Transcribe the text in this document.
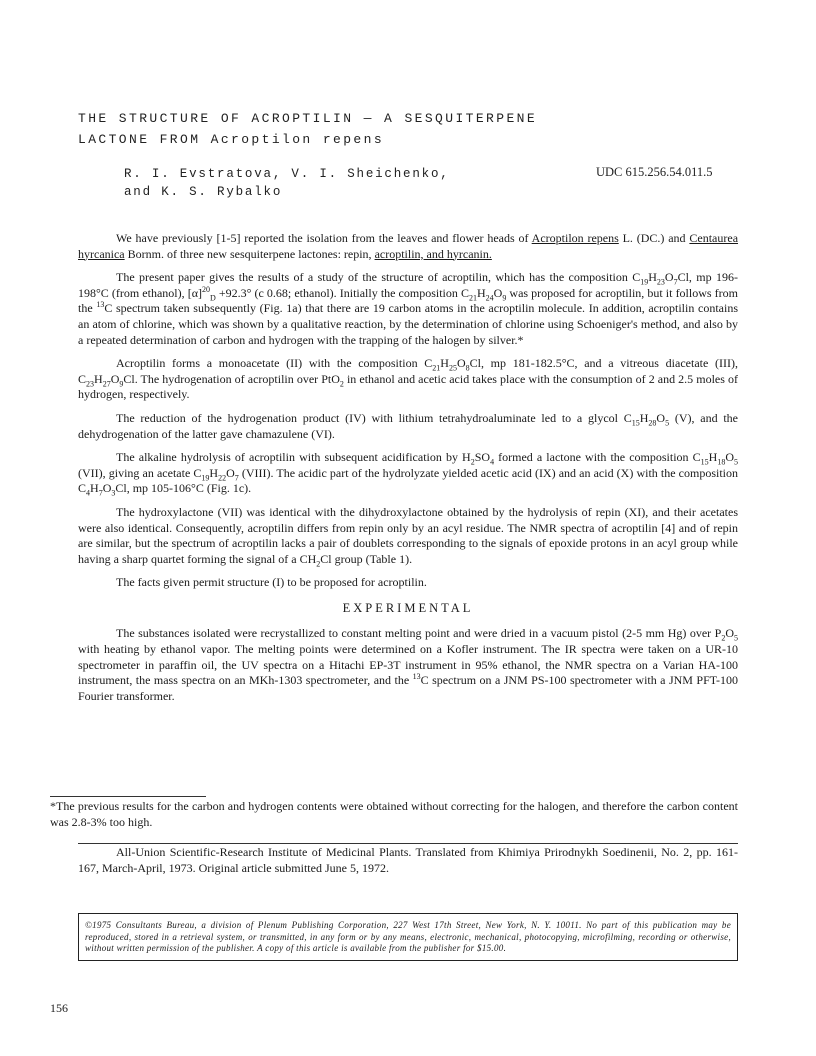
THE STRUCTURE OF ACROPTILIN — A SESQUITERPENE
LACTONE FROM Acroptilon repens
R. I. Evstratova, V. I. Sheichenko,
and K. S. Rybalko
UDC 615.256.54.011.5

We have previously [1-5] reported the isolation from the leaves and flower heads of Acroptilon repens L. (DC.) and Centaurea hyrcanica Bornm. of three new sesquiterpene lactones: repin, acroptilin, and hyrcanin.

The present paper gives the results of a study of the structure of acroptilin, which has the composition $C_{19}H_{23}O_7Cl$, mp 196-198°C (from ethanol), $[\alpha]^{20}_D +92.3^\circ$ (c 0.68; ethanol). Initially the composition $C_{21}H_{24}O_9$ was proposed for acroptilin, but it follows from the $^{13}$C spectrum taken subsequently (Fig. 1a) that there are 19 carbon atoms in the acroptilin molecule. In addition, acroptilin contains an atom of chlorine, which was shown by a qualitative reaction, by the determination of chlorine using Schoeniger's method, and also by a repeated determination of carbon and hydrogen with the trapping of the halogen by silver.*

Acroptilin forms a monoacetate (II) with the composition $C_{21}H_{25}O_8Cl$, mp 181-182.5°C, and a vitreous diacetate (III), $C_{23}H_{27}O_9Cl$. The hydrogenation of acroptilin over PtO$_2$ in ethanol and acetic acid takes place with the consumption of 2 and 2.5 moles of hydrogen, respectively.

The reduction of the hydrogenation product (IV) with lithium tetrahydroaluminate led to a glycol $C_{15}H_{28}O_5$ (V), and the dehydrogenation of the latter gave chamazulene (VI).

The alkaline hydrolysis of acroptilin with subsequent acidification by $H_2SO_4$ formed a lactone with the composition $C_{15}H_{18}O_5$ (VII), giving an acetate $C_{19}H_{22}O_7$ (VIII). The acidic part of the hydrolyzate yielded acetic acid (IX) and an acid (X) with the composition $C_4H_7O_3Cl$, mp 105-106°C (Fig. 1c).

The hydroxylactone (VII) was identical with the dihydroxylactone obtained by the hydrolysis of repin (XI), and their acetates were also identical. Consequently, acroptilin differs from repin only by an acyl residue. The NMR spectra of acroptilin [4] and of repin are similar, but the spectrum of acroptilin lacks a pair of doublets corresponding to the signals of epoxide protons in an acyl group while having a sharp quartet forming the signal of a $CH_2Cl$ group (Table 1).

The facts given permit structure (I) to be proposed for acroptilin.

EXPERIMENTAL

The substances isolated were recrystallized to constant melting point and were dried in a vacuum pistol (2-5 mm Hg) over $P_2O_5$ with heating by ethanol vapor. The melting points were determined on a Kofler instrument. The IR spectra were taken on a UR-10 spectrometer in paraffin oil, the UV spectra on a Hitachi EP-3T instrument in 95% ethanol, the NMR spectra on a Varian HA-100 instrument, the mass spectra on an MKh-1303 spectrometer, and the $^{13}$C spectrum on a JNM PS-100 spectrometer with a JNM PFT-100 Fourier transformer.

*The previous results for the carbon and hydrogen contents were obtained without correcting for the halogen, and therefore the carbon content was 2.8-3% too high.

All-Union Scientific-Research Institute of Medicinal Plants. Translated from Khimiya Prirodnykh Soedinenii, No. 2, pp. 161-167, March-April, 1973. Original article submitted June 5, 1972.

©1975 Consultants Bureau, a division of Plenum Publishing Corporation, 227 West 17th Street, New York, N. Y. 10011. No part of this publication may be reproduced, stored in a retrieval system, or transmitted, in any form or by any means, electronic, mechanical, photocopying, microfilming, recording or otherwise, without written permission of the publisher. A copy of this article is available from the publisher for $15.00.
156
